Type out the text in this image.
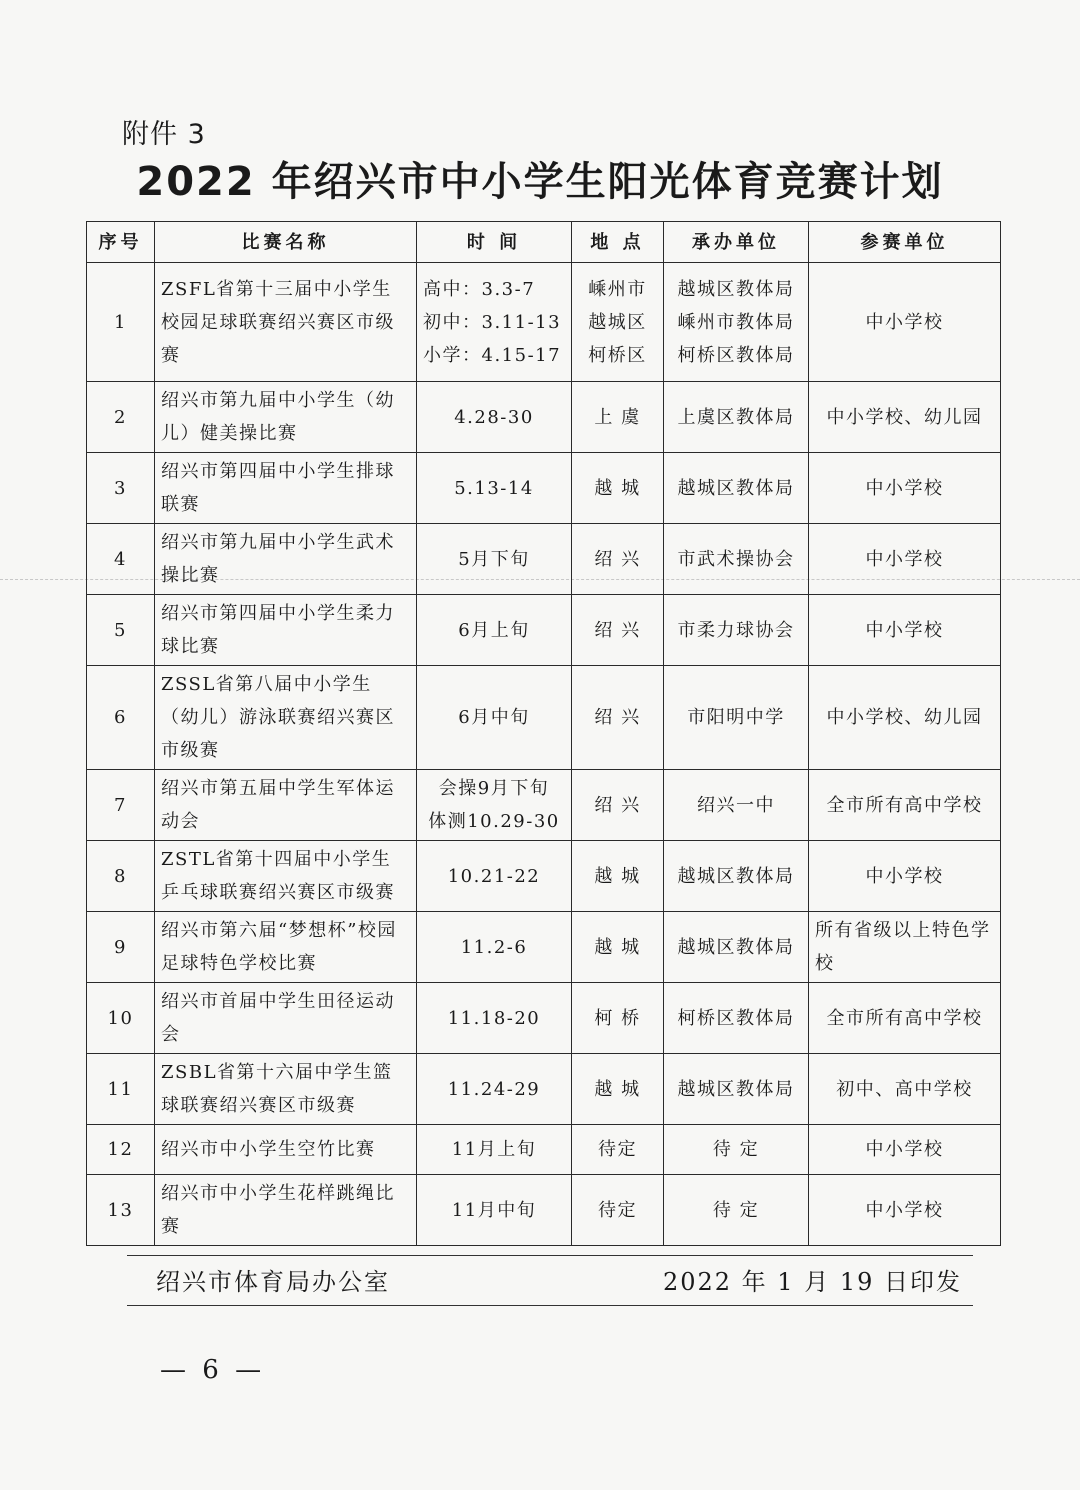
附件 3
2022 年绍兴市中小学生阳光体育竞赛计划
序号	比赛名称	时 间	地 点	承办单位	参赛单位
1	ZSFL省第十三届中小学生校园足球联赛绍兴赛区市级赛	高中：3.3-7
初中：3.11-13
小学：4.15-17	嵊州市
越城区
柯桥区	越城区教体局
嵊州市教体局
柯桥区教体局	中小学校
2	绍兴市第九届中小学生（幼儿）健美操比赛	4.28-30	上 虞	上虞区教体局	中小学校、幼儿园
3	绍兴市第四届中小学生排球联赛	5.13-14	越 城	越城区教体局	中小学校
4	绍兴市第九届中小学生武术操比赛	5月下旬	绍 兴	市武术操协会	中小学校
5	绍兴市第四届中小学生柔力球比赛	6月上旬	绍 兴	市柔力球协会	中小学校
6	ZSSL省第八届中小学生（幼儿）游泳联赛绍兴赛区市级赛	6月中旬	绍 兴	市阳明中学	中小学校、幼儿园
7	绍兴市第五届中学生军体运动会	会操9月下旬
体测10.29-30	绍 兴	绍兴一中	全市所有高中学校
8	ZSTL省第十四届中小学生乒乓球联赛绍兴赛区市级赛	10.21-22	越 城	越城区教体局	中小学校
9	绍兴市第六届“梦想杯”校园足球特色学校比赛	11.2-6	越 城	越城区教体局	所有省级以上特色学校
10	绍兴市首届中学生田径运动会	11.18-20	柯 桥	柯桥区教体局	全市所有高中学校
11	ZSBL省第十六届中学生篮球联赛绍兴赛区市级赛	11.24-29	越 城	越城区教体局	初中、高中学校
12	绍兴市中小学生空竹比赛	11月上旬	待定	待 定	中小学校
13	绍兴市中小学生花样跳绳比赛	11月中旬	待定	待 定	中小学校
绍兴市体育局办公室	2022 年 1 月 19 日印发
— 6 —
